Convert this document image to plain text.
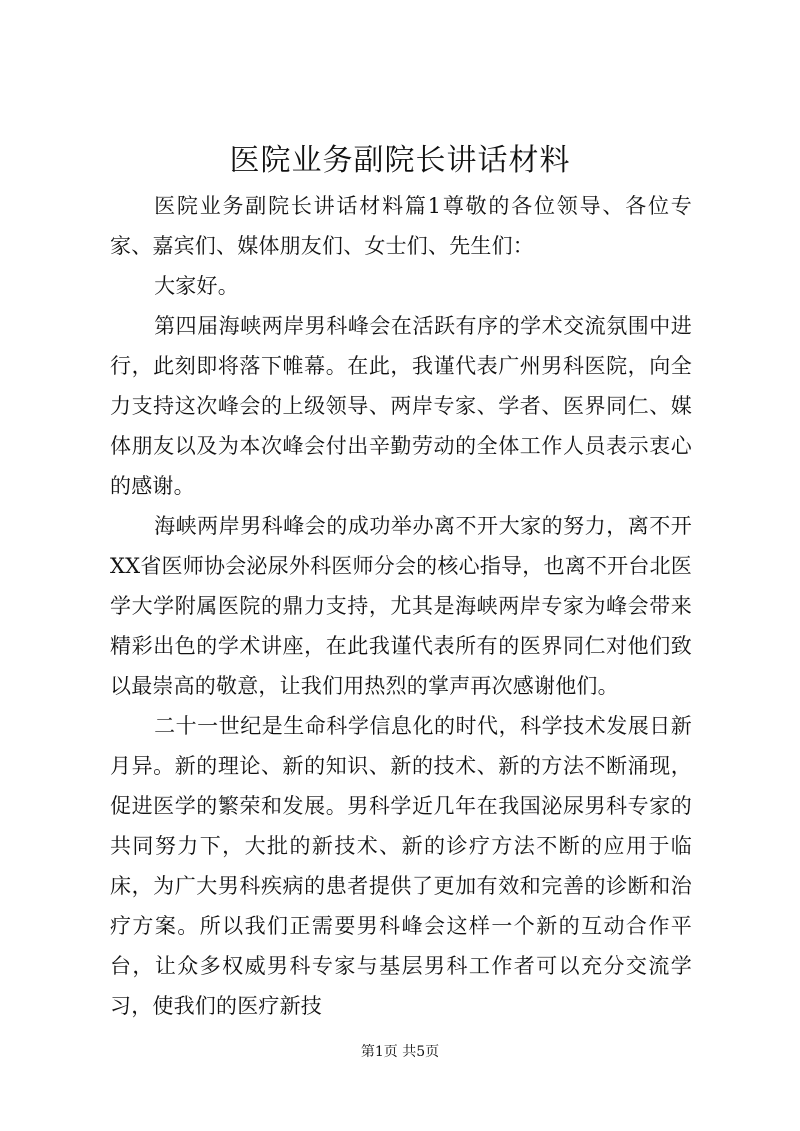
医院业务副院长讲话材料

医院业务副院长讲话材料篇1尊敬的各位领导、各位专家、嘉宾们、媒体朋友们、女士们、先生们：

大家好。

第四届海峡两岸男科峰会在活跃有序的学术交流氛围中进行，此刻即将落下帷幕。在此，我谨代表广州男科医院，向全力支持这次峰会的上级领导、两岸专家、学者、医界同仁、媒体朋友以及为本次峰会付出辛勤劳动的全体工作人员表示衷心的感谢。

海峡两岸男科峰会的成功举办离不开大家的努力，离不开XX省医师协会泌尿外科医师分会的核心指导，也离不开台北医学大学附属医院的鼎力支持，尤其是海峡两岸专家为峰会带来精彩出色的学术讲座，在此我谨代表所有的医界同仁对他们致以最崇高的敬意，让我们用热烈的掌声再次感谢他们。

二十一世纪是生命科学信息化的时代，科学技术发展日新月异。新的理论、新的知识、新的技术、新的方法不断涌现，促进医学的繁荣和发展。男科学近几年在我国泌尿男科专家的共同努力下，大批的新技术、新的诊疗方法不断的应用于临床，为广大男科疾病的患者提供了更加有效和完善的诊断和治疗方案。所以我们正需要男科峰会这样一个新的互动合作平台，让众多权威男科专家与基层男科工作者可以充分交流学习，使我们的医疗新技

第1页 共5页
